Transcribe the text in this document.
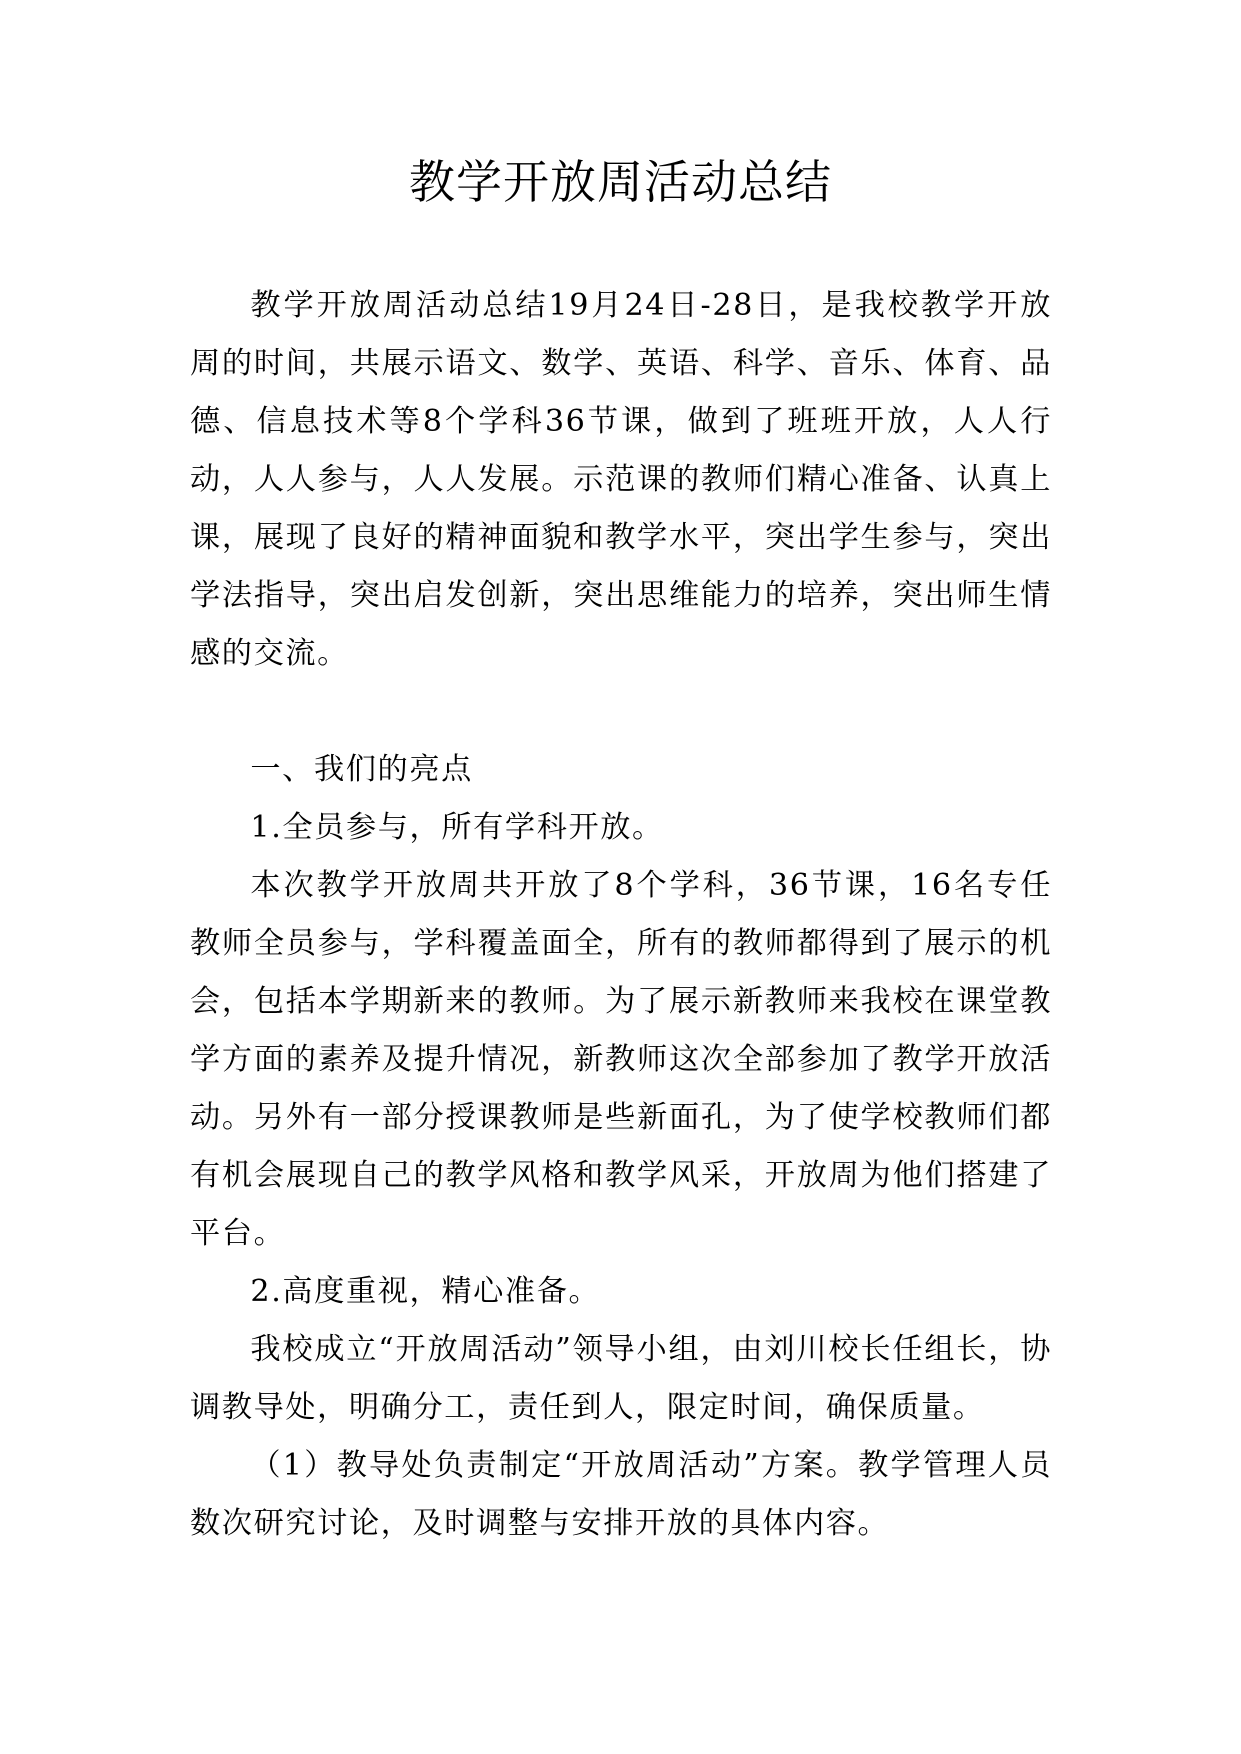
教学开放周活动总结

教学开放周活动总结19月24日-28日，是我校教学开放周的时间，共展示语文、数学、英语、科学、音乐、体育、品德、信息技术等8个学科36节课，做到了班班开放，人人行动，人人参与，人人发展。示范课的教师们精心准备、认真上课，展现了良好的精神面貌和教学水平，突出学生参与，突出学法指导，突出启发创新，突出思维能力的培养，突出师生情感的交流。

一、我们的亮点

1.全员参与，所有学科开放。

本次教学开放周共开放了8个学科，36节课，16名专任教师全员参与，学科覆盖面全，所有的教师都得到了展示的机会，包括本学期新来的教师。为了展示新教师来我校在课堂教学方面的素养及提升情况，新教师这次全部参加了教学开放活动。另外有一部分授课教师是些新面孔，为了使学校教师们都有机会展现自己的教学风格和教学风采，开放周为他们搭建了平台。

2.高度重视，精心准备。

我校成立“开放周活动”领导小组，由刘川校长任组长，协调教导处，明确分工，责任到人，限定时间，确保质量。

（1）教导处负责制定“开放周活动”方案。教学管理人员数次研究讨论，及时调整与安排开放的具体内容。
